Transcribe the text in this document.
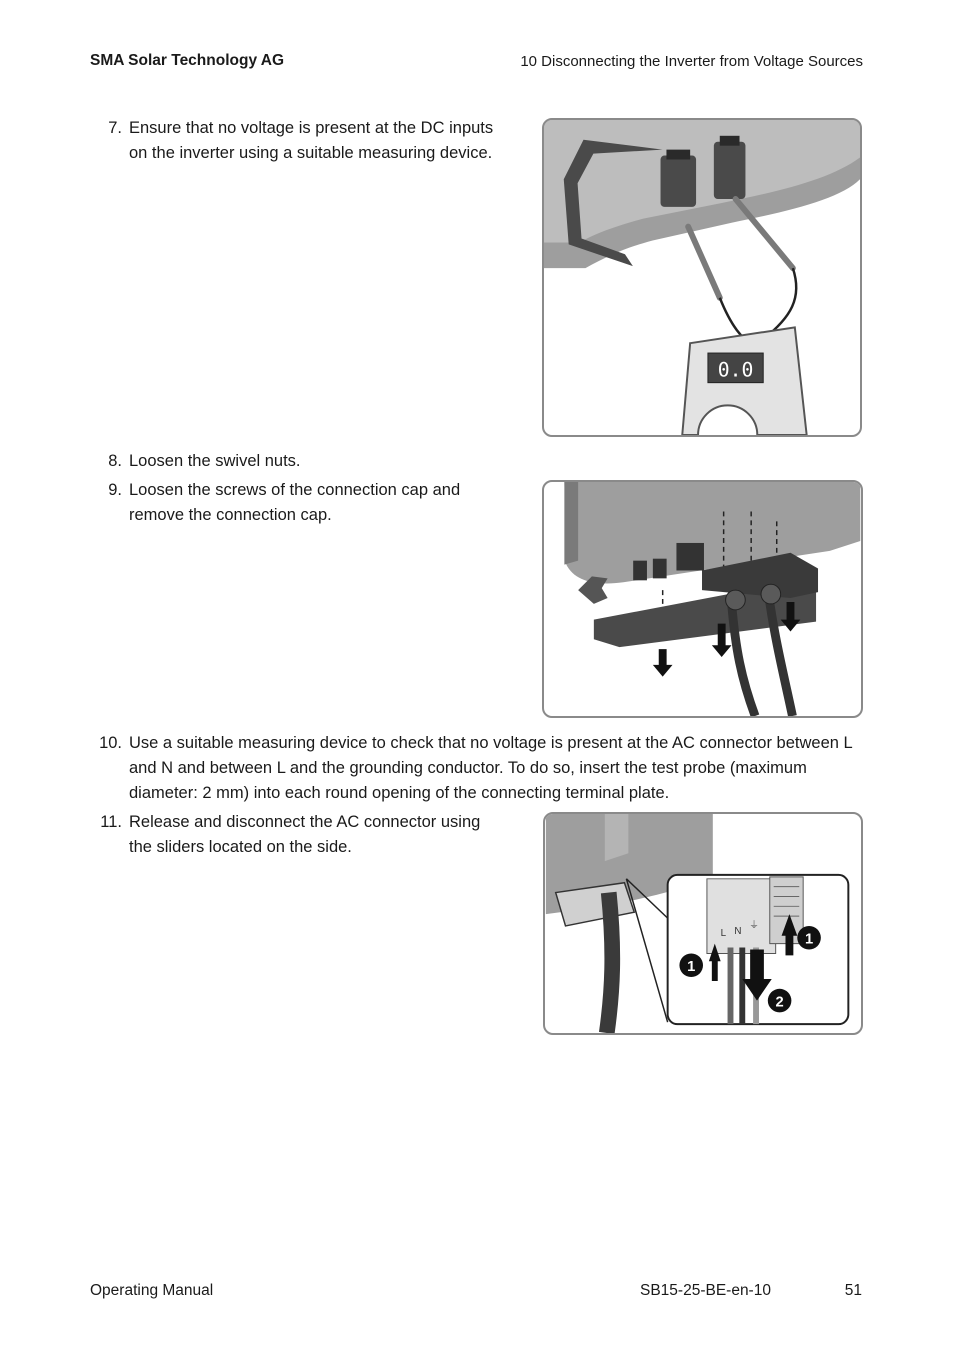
SMA Solar Technology AG	10 Disconnecting the Inverter from Voltage Sources
7. Ensure that no voltage is present at the DC inputs on the inverter using a suitable measuring device.
0.0
8. Loosen the swivel nuts.
9. Loosen the screws of the connection cap and remove the connection cap.
10. Use a suitable measuring device to check that no voltage is present at the AC connector between L and N and between L and the grounding conductor. To do so, insert the test probe (maximum diameter: 2 mm) into each round opening of the connecting terminal plate.
11. Release and disconnect the AC connector using the sliders located on the side.
L N
⏚
1
1
2
Operating Manual	SB15-25-BE-en-10	51
